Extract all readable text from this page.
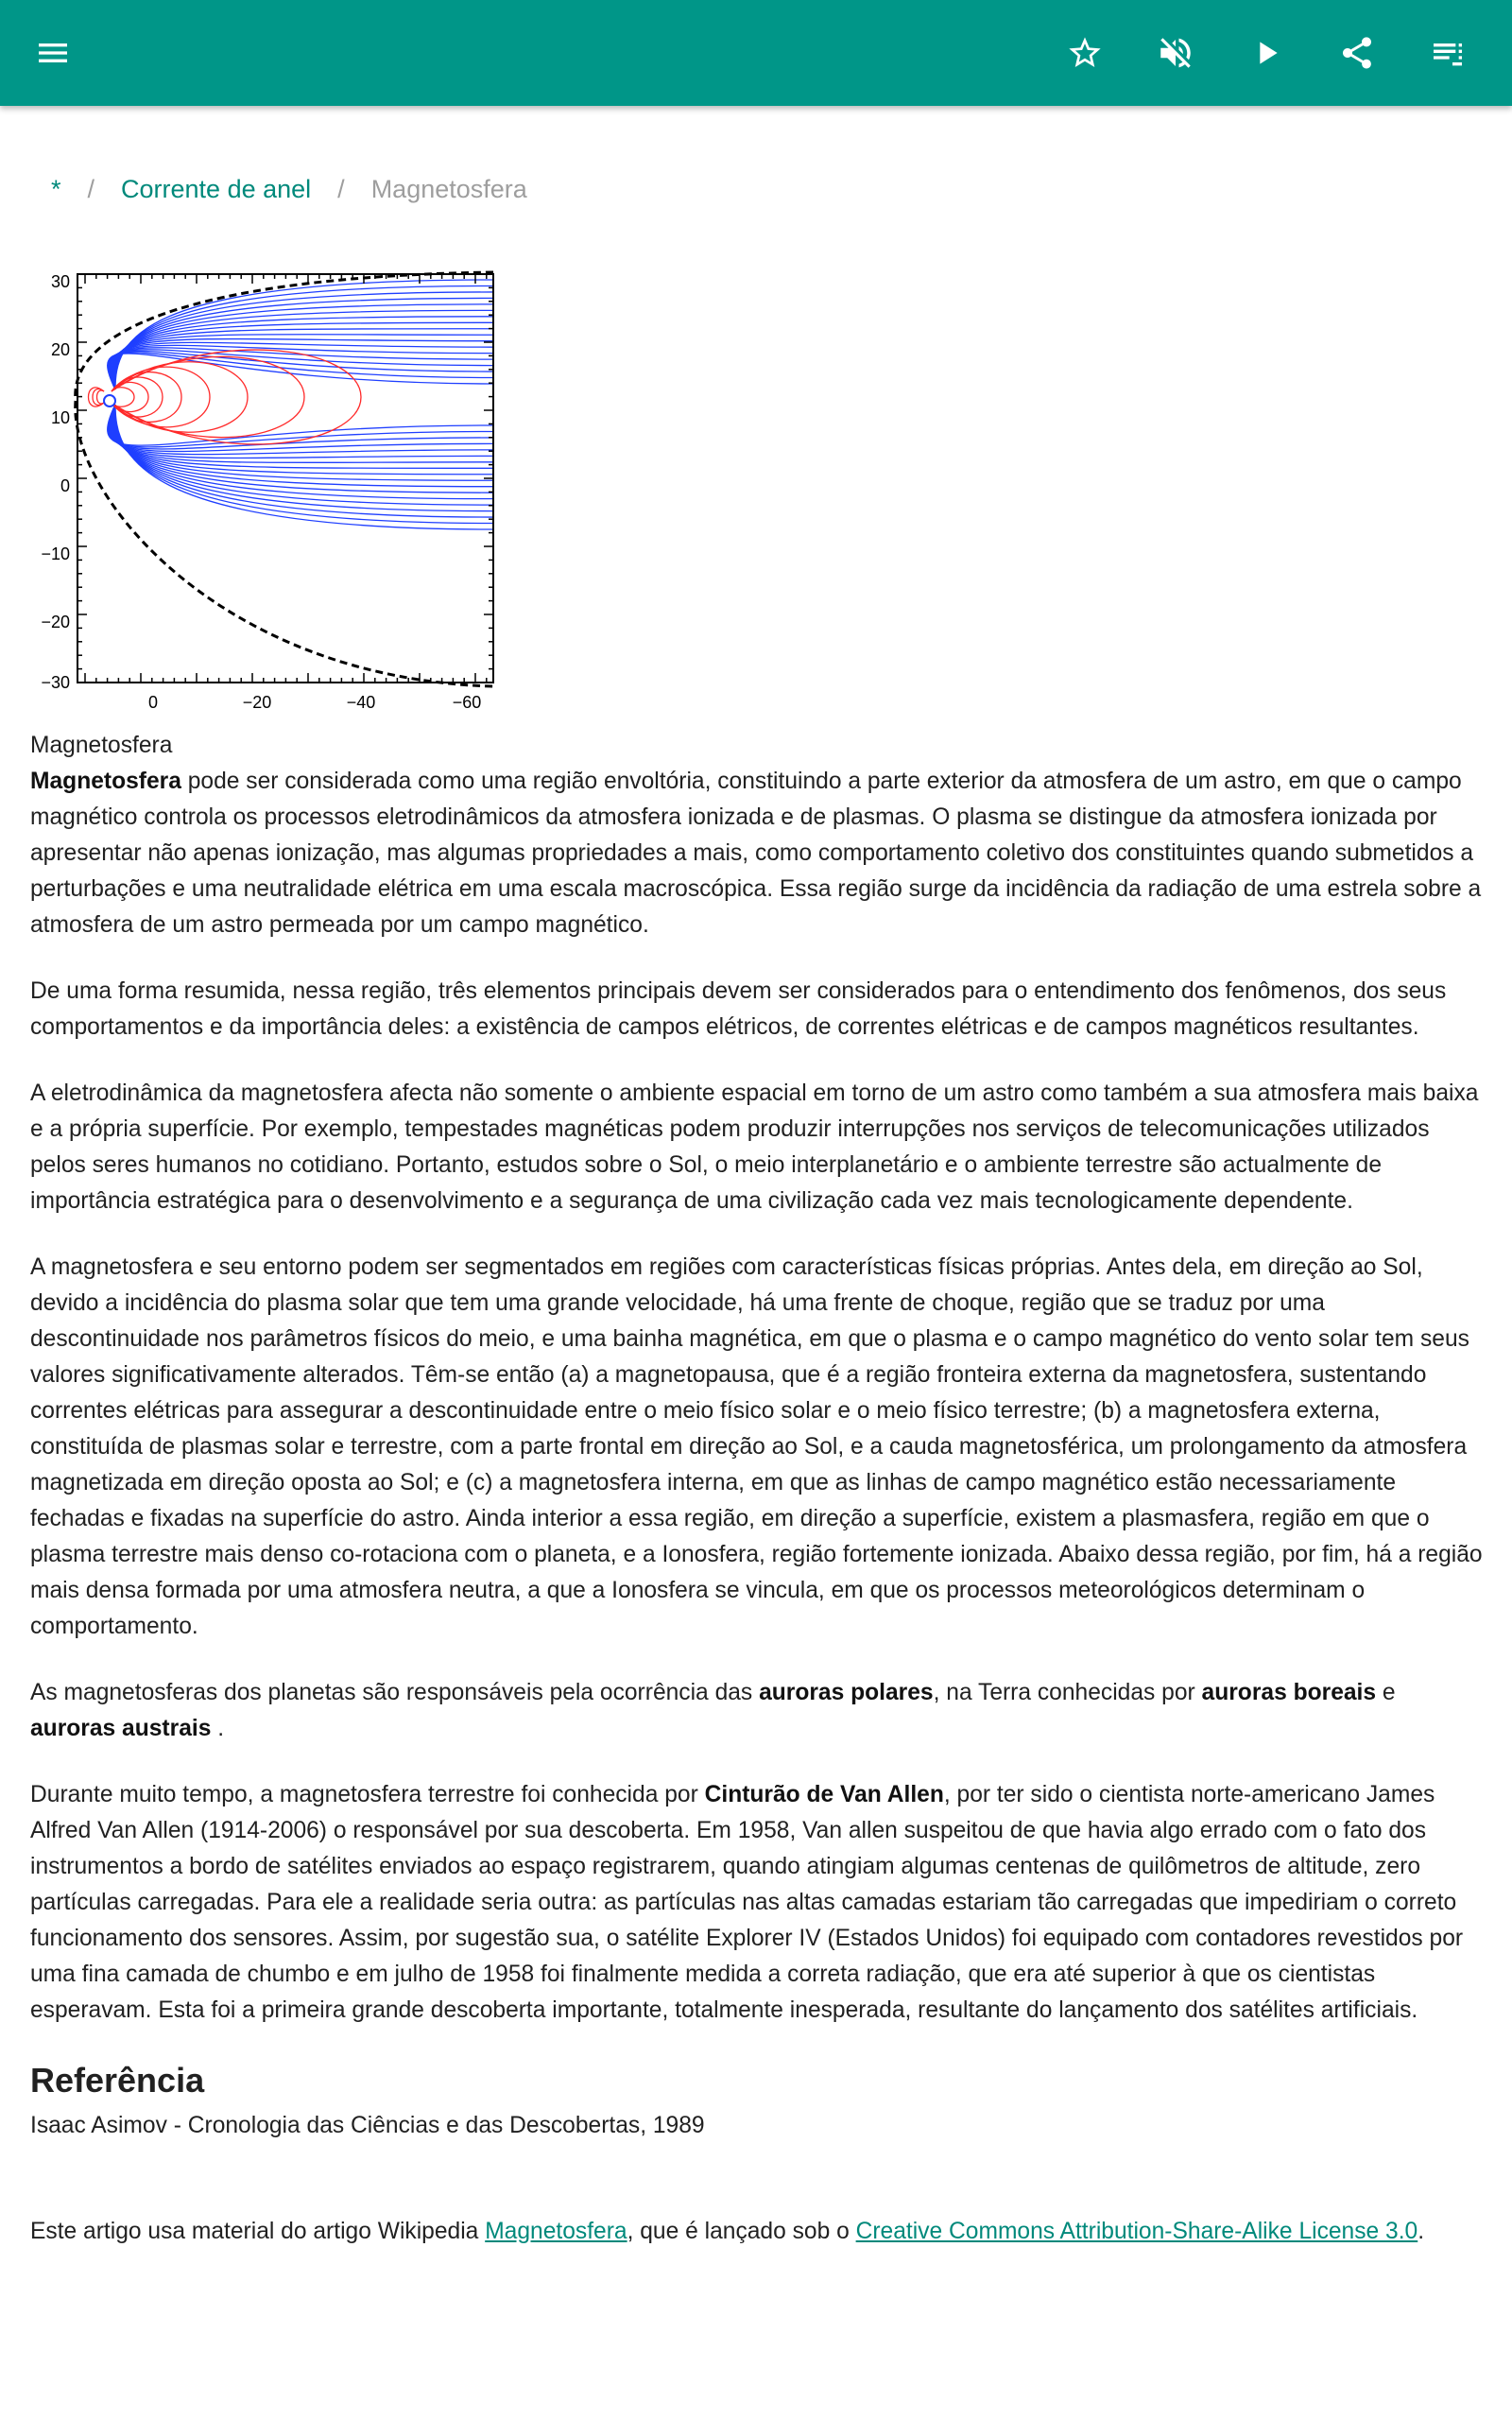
* / Corrente de anel / Magnetosfera
30
20
10
0
−10
−20
−30
0	−20	−40	−60

Magnetosfera

Magnetosfera pode ser considerada como uma região envoltória, constituindo a parte exterior da atmosfera de um astro, em que o campo magnético controla os processos eletrodinâmicos da atmosfera ionizada e de plasmas. O plasma se distingue da atmosfera ionizada por apresentar não apenas ionização, mas algumas propriedades a mais, como comportamento coletivo dos constituintes quando submetidos a perturbações e uma neutralidade elétrica em uma escala macroscópica. Essa região surge da incidência da radiação de uma estrela sobre a atmosfera de um astro permeada por um campo magnético.

De uma forma resumida, nessa região, três elementos principais devem ser considerados para o entendimento dos fenômenos, dos seus comportamentos e da importância deles: a existência de campos elétricos, de correntes elétricas e de campos magnéticos resultantes.

A eletrodinâmica da magnetosfera afecta não somente o ambiente espacial em torno de um astro como também a sua atmosfera mais baixa e a própria superfície. Por exemplo, tempestades magnéticas podem produzir interrupções nos serviços de telecomunicações utilizados pelos seres humanos no cotidiano. Portanto, estudos sobre o Sol, o meio interplanetário e o ambiente terrestre são actualmente de importância estratégica para o desenvolvimento e a segurança de uma civilização cada vez mais tecnologicamente dependente.

A magnetosfera e seu entorno podem ser segmentados em regiões com características físicas próprias. Antes dela, em direção ao Sol, devido a incidência do plasma solar que tem uma grande velocidade, há uma frente de choque, região que se traduz por uma descontinuidade nos parâmetros físicos do meio, e uma bainha magnética, em que o plasma e o campo magnético do vento solar tem seus valores significativamente alterados. Têm-se então (a) a magnetopausa, que é a região fronteira externa da magnetosfera, sustentando correntes elétricas para assegurar a descontinuidade entre o meio físico solar e o meio físico terrestre; (b) a magnetosfera externa, constituída de plasmas solar e terrestre, com a parte frontal em direção ao Sol, e a cauda magnetosférica, um prolongamento da atmosfera magnetizada em direção oposta ao Sol; e (c) a magnetosfera interna, em que as linhas de campo magnético estão necessariamente fechadas e fixadas na superfície do astro. Ainda interior a essa região, em direção a superfície, existem a plasmasfera, região em que o plasma terrestre mais denso co-rotaciona com o planeta, e a Ionosfera, região fortemente ionizada. Abaixo dessa região, por fim, há a região mais densa formada por uma atmosfera neutra, a que a Ionosfera se vincula, em que os processos meteorológicos determinam o comportamento.

As magnetosferas dos planetas são responsáveis pela ocorrência das auroras polares, na Terra conhecidas por auroras boreais e auroras austrais .

Durante muito tempo, a magnetosfera terrestre foi conhecida por Cinturão de Van Allen, por ter sido o cientista norte-americano James Alfred Van Allen (1914-2006) o responsável por sua descoberta. Em 1958, Van allen suspeitou de que havia algo errado com o fato dos instrumentos a bordo de satélites enviados ao espaço registrarem, quando atingiam algumas centenas de quilômetros de altitude, zero partículas carregadas. Para ele a realidade seria outra: as partículas nas altas camadas estariam tão carregadas que impediriam o correto funcionamento dos sensores. Assim, por sugestão sua, o satélite Explorer IV (Estados Unidos) foi equipado com contadores revestidos por uma fina camada de chumbo e em julho de 1958 foi finalmente medida a correta radiação, que era até superior à que os cientistas esperavam. Esta foi a primeira grande descoberta importante, totalmente inesperada, resultante do lançamento dos satélites artificiais.

Referência

Isaac Asimov - Cronologia das Ciências e das Descobertas, 1989

Este artigo usa material do artigo Wikipedia Magnetosfera, que é lançado sob o Creative Commons Attribution-Share-Alike License 3.0.
